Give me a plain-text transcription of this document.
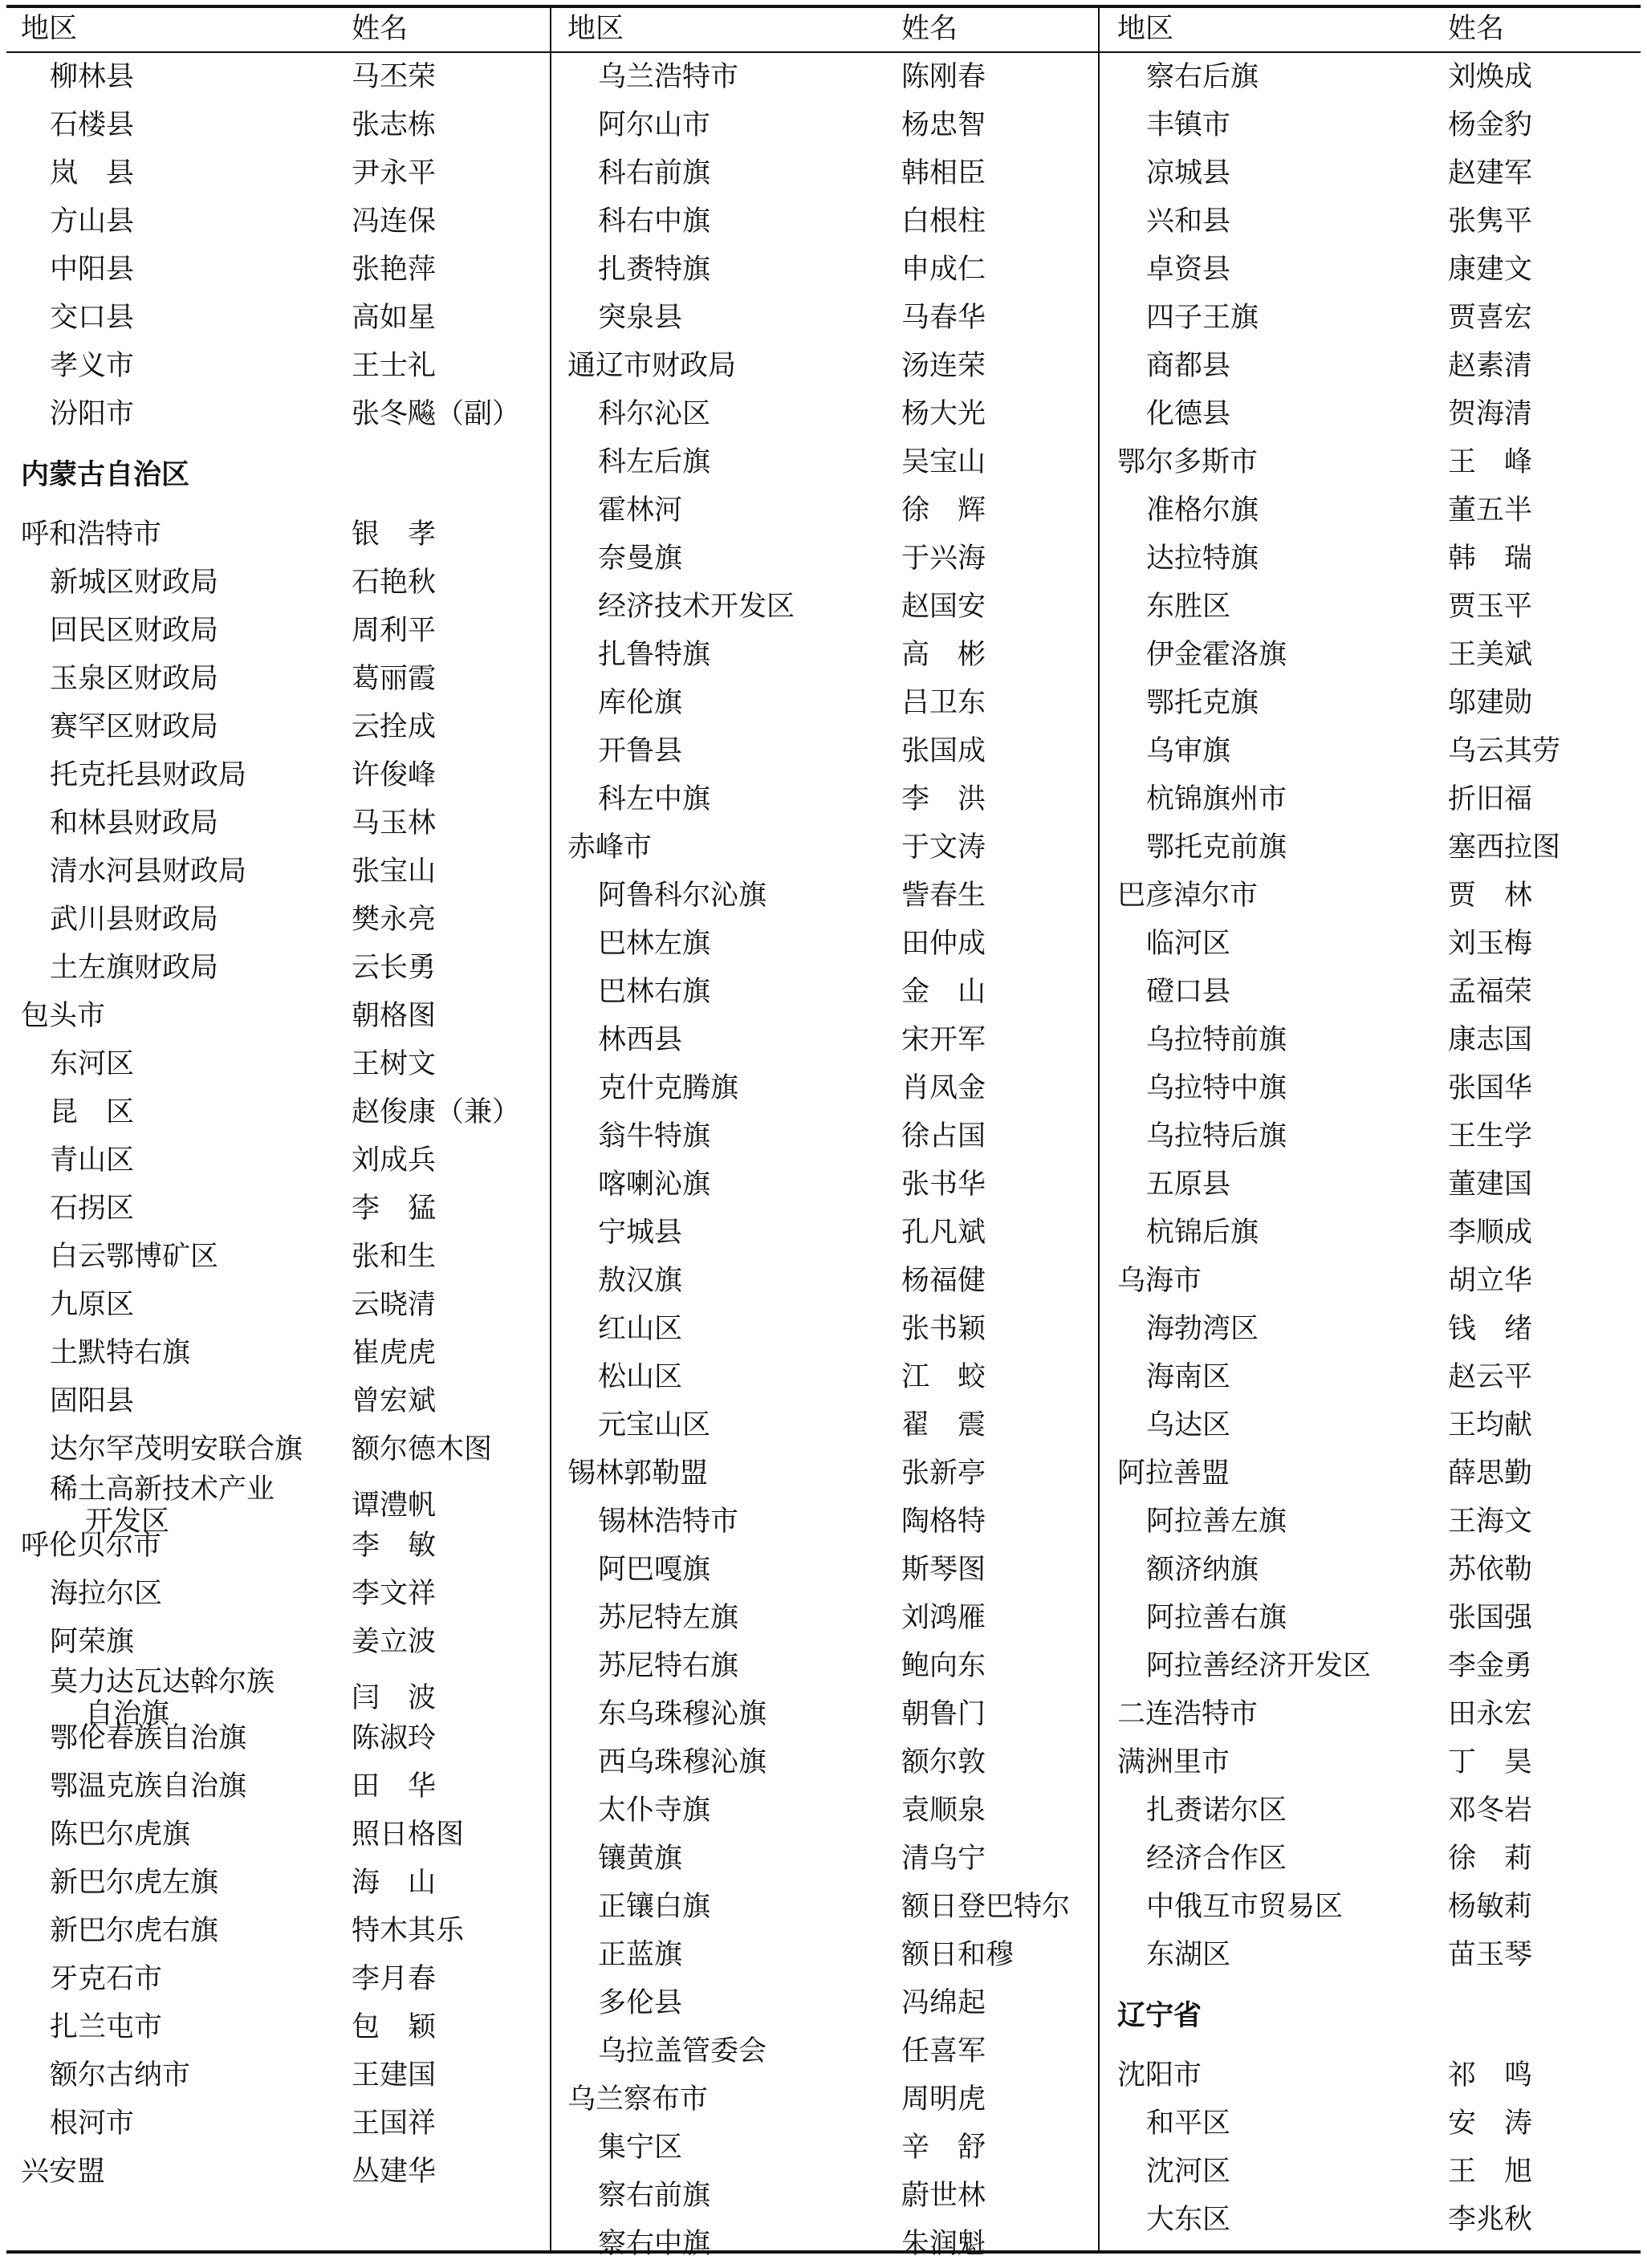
地区	姓名
柳林县	马丕荣
石楼县	张志栋
岚　县	尹永平
方山县	冯连保
中阳县	张艳萍
交口县	高如星
孝义市	王士礼
汾阳市	张冬飚（副）
内蒙古自治区
呼和浩特市	银　孝
新城区财政局	石艳秋
回民区财政局	周利平
玉泉区财政局	葛丽霞
赛罕区财政局	云拴成
托克托县财政局	许俊峰
和林县财政局	马玉林
清水河县财政局	张宝山
武川县财政局	樊永亮
土左旗财政局	云长勇
包头市	朝格图
东河区	王树文
昆　区	赵俊康（兼）
青山区	刘成兵
石拐区	李　猛
白云鄂博矿区	张和生
九原区	云晓清
土默特右旗	崔虎虎
固阳县	曾宏斌
达尔罕茂明安联合旗 额尔德木图
稀土高新技术产业
开发区	谭澧帆
呼伦贝尔市	李　敏
海拉尔区	李文祥
阿荣旗	姜立波
莫力达瓦达斡尔族
自治旗	闫　波
鄂伦春族自治旗	陈淑玲
鄂温克族自治旗	田　华
陈巴尔虎旗	照日格图
新巴尔虎左旗	海　山
新巴尔虎右旗	特木其乐
牙克石市	李月春
扎兰屯市	包　颖
额尔古纳市	王建国
根河市	王国祥
兴安盟	丛建华
地区	姓名
乌兰浩特市	陈刚春
阿尔山市	杨忠智
科右前旗	韩相臣
科右中旗	白根柱
扎赉特旗	申成仁
突泉县	马春华
通辽市财政局	汤连荣
科尔沁区	杨大光
科左后旗	吴宝山
霍林河	徐　辉
奈曼旗	于兴海
经济技术开发区	赵国安
扎鲁特旗	高　彬
库伦旗	吕卫东
开鲁县	张国成
科左中旗	李　洪
赤峰市	于文涛
阿鲁科尔沁旗	訾春生
巴林左旗	田仲成
巴林右旗	金　山
林西县	宋开军
克什克腾旗	肖凤金
翁牛特旗	徐占国
喀喇沁旗	张书华
宁城县	孔凡斌
敖汉旗	杨福健
红山区	张书颖
松山区	江　蛟
元宝山区	翟　震
锡林郭勒盟	张新亭
锡林浩特市	陶格特
阿巴嘎旗	斯琴图
苏尼特左旗	刘鸿雁
苏尼特右旗	鲍向东
东乌珠穆沁旗	朝鲁门
西乌珠穆沁旗	额尔敦
太仆寺旗	袁顺泉
镶黄旗	清乌宁
正镶白旗	额日登巴特尔
正蓝旗	额日和穆
多伦县	冯绵起
乌拉盖管委会	任喜军
乌兰察布市	周明虎
集宁区	辛　舒
察右前旗	蔚世林
察右中旗	朱润魁
地区	姓名
察右后旗	刘焕成
丰镇市	杨金豹
凉城县	赵建军
兴和县	张隽平
卓资县	康建文
四子王旗	贾喜宏
商都县	赵素清
化德县	贺海清
鄂尔多斯市	王　峰
准格尔旗	董五半
达拉特旗	韩　瑞
东胜区	贾玉平
伊金霍洛旗	王美斌
鄂托克旗	邬建勋
乌审旗	乌云其劳
杭锦旗州市	折旧福
鄂托克前旗	塞西拉图
巴彦淖尔市	贾　林
临河区	刘玉梅
磴口县	孟福荣
乌拉特前旗	康志国
乌拉特中旗	张国华
乌拉特后旗	王生学
五原县	董建国
杭锦后旗	李顺成
乌海市	胡立华
海勃湾区	钱　绪
海南区	赵云平
乌达区	王均献
阿拉善盟	薛思勤
阿拉善左旗	王海文
额济纳旗	苏依勒
阿拉善右旗	张国强
阿拉善经济开发区	李金勇
二连浩特市	田永宏
满洲里市	丁　昊
扎赉诺尔区	邓冬岩
经济合作区	徐　莉
中俄互市贸易区	杨敏莉
东湖区	苗玉琴
辽宁省
沈阳市	祁　鸣
和平区	安　涛
沈河区	王　旭
大东区	李兆秋
